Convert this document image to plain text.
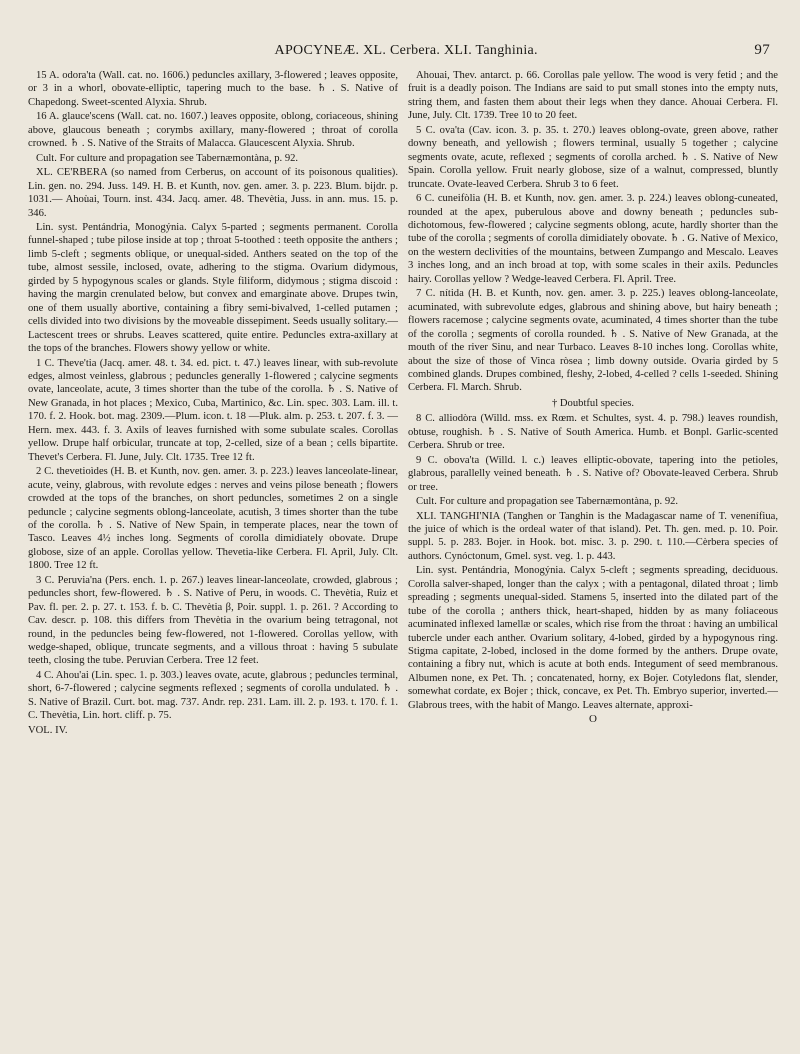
APOCYNEÆ. XL. Cerbera. XLI. Tanghinia.	97

15 A. odora'ta (Wall. cat. no. 1606.) peduncles axillary, 3-flowered ; leaves opposite, or 3 in a whorl, obovate-elliptic, tapering much to the base. ♄ . S. Native of Chapedong. Sweet-scented Alyxia. Shrub.

16 A. glauce'scens (Wall. cat. no. 1607.) leaves opposite, oblong, coriaceous, shining above, glaucous beneath ; corymbs axillary, many-flowered ; throat of corolla crowned. ♄ . S. Native of the Straits of Malacca. Glaucescent Alyxia. Shrub.

Cult. For culture and propagation see Tabernæmontàna, p. 92.

XL. CE'RBERA (so named from Cerberus, on account of its poisonous qualities). Lin. gen. no. 294. Juss. 149. H. B. et Kunth, nov. gen. amer. 3. p. 223. Blum. bijdr. p. 1031.— Ahoùai, Tourn. inst. 434. Jacq. amer. 48. Thevètia, Juss. in ann. mus. 15. p. 346.

Lin. syst. Pentándria, Monogýnia. Calyx 5-parted ; segments permanent. Corolla funnel-shaped ; tube pilose inside at top ; throat 5-toothed : teeth opposite the anthers ; limb 5-cleft ; segments oblique, or unequal-sided. Anthers seated on the top of the tube, almost sessile, inclosed, ovate, adhering to the stigma. Ovarium didymous, girded by 5 hypogynous scales or glands. Style filiform, didymous ; stigma discoid : having the margin crenulated below, but convex and emarginate above. Drupes twin, one of them usually abortive, containing a fibry semi-bivalved, 1-celled putamen ; cells divided into two divisions by the moveable dissepiment. Seeds usually solitary.— Lactescent trees or shrubs. Leaves scattered, quite entire. Peduncles extra-axillary at the tops of the branches. Flowers showy yellow or white.

1 C. Theve'tia (Jacq. amer. 48. t. 34. ed. pict. t. 47.) leaves linear, with sub-revolute edges, almost veinless, glabrous ; peduncles generally 1-flowered ; calycine segments ovate, lanceolate, acute, 3 times shorter than the tube of the corolla. ♄ . S. Native of New Granada, in hot places ; Mexico, Cuba, Martinico, &c. Lin. spec. 303. Lam. ill. t. 170. f. 2. Hook. bot. mag. 2309.—Plum. icon. t. 18 —Pluk. alm. p. 253. t. 207. f. 3. —Hern. mex. 443. f. 3. Axils of leaves furnished with some subulate scales. Corollas yellow. Drupe half orbicular, truncate at top, 2-celled, size of a bean ; cells bipartite. Thevet's Cerbera. Fl. June, July. Clt. 1735. Tree 12 ft.

2 C. thevetioìdes (H. B. et Kunth, nov. gen. amer. 3. p. 223.) leaves lanceolate-linear, acute, veiny, glabrous, with revolute edges : nerves and veins pilose beneath ; flowers crowded at the tops of the branches, on short peduncles, sometimes 2 on a single peduncle ; calycine segments oblong-lanceolate, acutish, 3 times shorter than the tube of the corolla. ♄ . S. Native of New Spain, in temperate places, near the town of Tasco. Leaves 4½ inches long. Segments of corolla dimidiately obovate. Drupe globose, size of an apple. Corollas yellow. Thevetia-like Cerbera. Fl. April, July. Clt. 1800. Tree 12 ft.

3 C. Peruvia'na (Pers. ench. 1. p. 267.) leaves linear-lanceolate, crowded, glabrous ; peduncles short, few-flowered. ♄ . S. Native of Peru, in woods. C. Thevètia, Ruiz et Pav. fl. per. 2. p. 27. t. 153. f. b. C. Thevètia β, Poir. suppl. 1. p. 261. ? According to Cav. descr. p. 108. this differs from Thevètia in the ovarium being tetragonal, not round, in the peduncles being few-flowered, not 1-flowered. Corollas yellow, with wedge-shaped, oblique, truncate segments, and a villous throat : having 5 subulate teeth, closing the tube. Peruvian Cerbera. Tree 12 feet.

4 C. Ahou'ai (Lin. spec. 1. p. 303.) leaves ovate, acute, glabrous ; peduncles terminal, short, 6-7-flowered ; calycine segments reflexed ; segments of corolla undulated. ♄ . S. Native of Brazil. Curt. bot. mag. 737. Andr. rep. 231. Lam. ill. 2. p. 193. t. 170. f. 1. C. Thevètia, Lin. hort. cliff. p. 75.

VOL. IV.

Ahouai, Thev. antarct. p. 66. Corollas pale yellow. The wood is very fetid ; and the fruit is a deadly poison. The Indians are said to put small stones into the empty nuts, string them, and fasten them about their legs when they dance. Ahouai Cerbera. Fl. June, July. Clt. 1739. Tree 10 to 20 feet.

5 C. ova'ta (Cav. icon. 3. p. 35. t. 270.) leaves oblong-ovate, green above, rather downy beneath, and yellowish ; flowers terminal, usually 5 together ; calycine segments ovate, acute, reflexed ; segments of corolla arched. ♄ . S. Native of New Spain. Corolla yellow. Fruit nearly globose, size of a walnut, compressed, bluntly truncate. Ovate-leaved Cerbera. Shrub 3 to 6 feet.

6 C. cuneifòlia (H. B. et Kunth, nov. gen. amer. 3. p. 224.) leaves oblong-cuneated, rounded at the apex, puberulous above and downy beneath ; peduncles sub-dichotomous, few-flowered ; calycine segments oblong, acute, hardly shorter than the tube of the corolla ; segments of corolla dimidiately obovate. ♄ . G. Native of Mexico, on the western declivities of the mountains, between Zumpango and Mescalo. Leaves 3 inches long, and an inch broad at top, with some scales in their axils. Peduncles hairy. Corollas yellow ? Wedge-leaved Cerbera. Fl. April. Tree.

7 C. nítida (H. B. et Kunth, nov. gen. amer. 3. p. 225.) leaves oblong-lanceolate, acuminated, with subrevolute edges, glabrous and shining above, but hairy beneath ; flowers racemose ; calycine segments ovate, acuminated, 4 times shorter than the tube of the corolla ; segments of corolla rounded. ♄ . S. Native of New Granada, at the mouth of the river Sinu, and near Turbaco. Leaves 8-10 inches long. Corollas white, about the size of those of Vinca ròsea ; limb downy outside. Ovaria girded by 5 combined glands. Drupes combined, fleshy, 2-lobed, 4-celled ? cells 1-seeded. Shining Cerbera. Fl. March. Shrub.

† Doubtful species.

8 C. alliodòra (Willd. mss. ex Rœm. et Schultes, syst. 4. p. 798.) leaves roundish, obtuse, roughish. ♄ . S. Native of South America. Humb. et Bonpl. Garlic-scented Cerbera. Shrub or tree.

9 C. obova'ta (Willd. l. c.) leaves elliptic-obovate, tapering into the petioles, glabrous, parallelly veined beneath. ♄ . S. Native of? Obovate-leaved Cerbera. Shrub or tree.

Cult. For culture and propagation see Tabernæmontàna, p. 92.

XLI. TANGHI'NIA (Tanghen or Tanghin is the Madagascar name of T. venenífiua, the juice of which is the ordeal water of that island). Pet. Th. gen. med. p. 10. Poir. suppl. 5. p. 283. Bojer. in Hook. bot. misc. 3. p. 290. t. 110.—Cèrbera species of authors. Cynóctonum, Gmel. syst. veg. 1. p. 443.

Lin. syst. Pentándria, Monogýnia. Calyx 5-cleft ; segments spreading, deciduous. Corolla salver-shaped, longer than the calyx ; with a pentagonal, dilated throat ; limb spreading ; segments unequal-sided. Stamens 5, inserted into the dilated part of the tube of the corolla ; anthers thick, heart-shaped, hidden by as many foliaceous acuminated inflexed lamellæ or scales, which rise from the throat : having an umbilical tubercle under each anther. Ovarium solitary, 4-lobed, girded by a hypogynous ring. Stigma capitate, 2-lobed, inclosed in the dome formed by the anthers. Drupe ovate, containing a fibry nut, which is acute at both ends. Integument of seed membranous. Albumen none, ex Pet. Th. ; concatenated, horny, ex Bojer. Cotyledons flat, slender, somewhat cordate, ex Bojer ; thick, concave, ex Pet. Th. Embryo superior, inverted.—Glabrous trees, with the habit of Mango. Leaves alternate, approxi-

O
